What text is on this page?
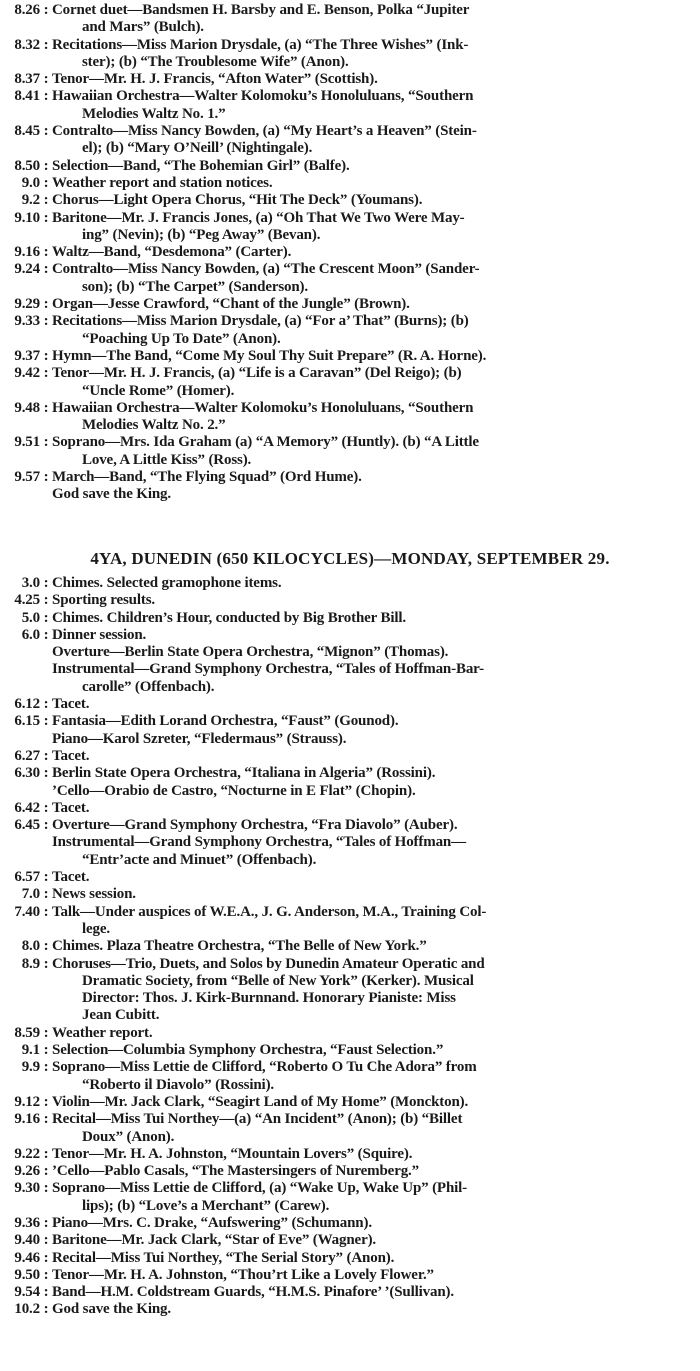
8.26 : Cornet duet—Bandsmen H. Barsby and E. Benson, Polka “Jupiter
and Mars” (Bulch).
8.32 : Recitations—Miss Marion Drysdale, (a) “The Three Wishes” (Ink-
ster); (b) “The Troublesome Wife” (Anon).
8.37 : Tenor—Mr. H. J. Francis, “Afton Water” (Scottish).
8.41 : Hawaiian Orchestra—Walter Kolomoku’s Honoluluans, “Southern
Melodies Waltz No. 1.”
8.45 : Contralto—Miss Nancy Bowden, (a) “My Heart’s a Heaven” (Stein-
el); (b) “Mary O’Neill’ (Nightingale).
8.50 : Selection—Band, “The Bohemian Girl” (Balfe).
9.0 : Weather report and station notices.
9.2 : Chorus—Light Opera Chorus, “Hit The Deck” (Youmans).
9.10 : Baritone—Mr. J. Francis Jones, (a) “Oh That We Two Were May-
ing” (Nevin); (b) “Peg Away” (Bevan).
9.16 : Waltz—Band, “Desdemona” (Carter).
9.24 : Contralto—Miss Nancy Bowden, (a) “The Crescent Moon” (Sander-
son); (b) “The Carpet” (Sanderson).
9.29 : Organ—Jesse Crawford, “Chant of the Jungle” (Brown).
9.33 : Recitations—Miss Marion Drysdale, (a) “For a’ That” (Burns); (b)
“Poaching Up To Date” (Anon).
9.37 : Hymn—The Band, “Come My Soul Thy Suit Prepare” (R. A. Horne).
9.42 : Tenor—Mr. H. J. Francis, (a) “Life is a Caravan” (Del Reigo); (b)
“Uncle Rome” (Homer).
9.48 : Hawaiian Orchestra—Walter Kolomoku’s Honoluluans, “Southern
Melodies Waltz No. 2.”
9.51 : Soprano—Mrs. Ida Graham (a) “A Memory” (Huntly). (b) “A Little
Love, A Little Kiss” (Ross).
9.57 : March—Band, “The Flying Squad” (Ord Hume).
God save the King.
4YA, DUNEDIN (650 KILOCYCLES)—MONDAY, SEPTEMBER 29.
3.0 : Chimes. Selected gramophone items.
4.25 : Sporting results.
5.0 : Chimes. Children’s Hour, conducted by Big Brother Bill.
6.0 : Dinner session.
Overture—Berlin State Opera Orchestra, “Mignon” (Thomas).
Instrumental—Grand Symphony Orchestra, “Tales of Hoffman-Bar-
carolle” (Offenbach).
6.12 : Tacet.
6.15 : Fantasia—Edith Lorand Orchestra, “Faust” (Gounod).
Piano—Karol Szreter, “Fledermaus” (Strauss).
6.27 : Tacet.
6.30 : Berlin State Opera Orchestra, “Italiana in Algeria” (Rossini).
’Cello—Orabio de Castro, “Nocturne in E Flat” (Chopin).
6.42 : Tacet.
6.45 : Overture—Grand Symphony Orchestra, “Fra Diavolo” (Auber).
Instrumental—Grand Symphony Orchestra, “Tales of Hoffman—
“Entr’acte and Minuet” (Offenbach).
6.57 : Tacet.
7.0 : News session.
7.40 : Talk—Under auspices of W.E.A., J. G. Anderson, M.A., Training Col-
lege.
8.0 : Chimes. Plaza Theatre Orchestra, “The Belle of New York.”
8.9 : Choruses—Trio, Duets, and Solos by Dunedin Amateur Operatic and
Dramatic Society, from “Belle of New York” (Kerker). Musical
Director: Thos. J. Kirk-Burnnand. Honorary Pianiste: Miss
Jean Cubitt.
8.59 : Weather report.
9.1 : Selection—Columbia Symphony Orchestra, “Faust Selection.”
9.9 : Soprano—Miss Lettie de Clifford, “Roberto O Tu Che Adora” from
“Roberto il Diavolo” (Rossini).
9.12 : Violin—Mr. Jack Clark, “Seagirt Land of My Home” (Monckton).
9.16 : Recital—Miss Tui Northey—(a) “An Incident” (Anon); (b) “Billet
Doux” (Anon).
9.22 : Tenor—Mr. H. A. Johnston, “Mountain Lovers” (Squire).
9.26 : ’Cello—Pablo Casals, “The Mastersingers of Nuremberg.”
9.30 : Soprano—Miss Lettie de Clifford, (a) “Wake Up, Wake Up” (Phil-
lips); (b) “Love’s a Merchant” (Carew).
9.36 : Piano—Mrs. C. Drake, “Aufswering” (Schumann).
9.40 : Baritone—Mr. Jack Clark, “Star of Eve” (Wagner).
9.46 : Recital—Miss Tui Northey, “The Serial Story” (Anon).
9.50 : Tenor—Mr. H. A. Johnston, “Thou’rt Like a Lovely Flower.”
9.54 : Band—H.M. Coldstream Guards, “H.M.S. Pinafore’ ’(Sullivan).
10.2 : God save the King.
